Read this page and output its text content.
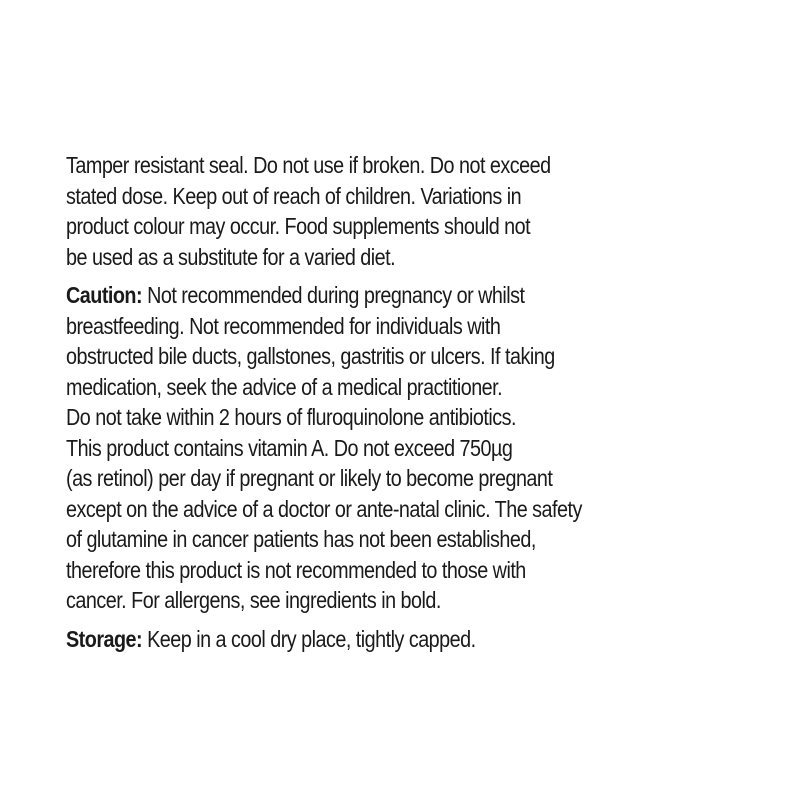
Tamper resistant seal. Do not use if broken. Do not exceed
stated dose. Keep out of reach of children. Variations in
product colour may occur. Food supplements should not
be used as a substitute for a varied diet.
Caution: Not recommended during pregnancy or whilst
breastfeeding. Not recommended for individuals with
obstructed bile ducts, gallstones, gastritis or ulcers. If taking
medication, seek the advice of a medical practitioner.
Do not take within 2 hours of fluroquinolone antibiotics.
This product contains vitamin A. Do not exceed 750µg
(as retinol) per day if pregnant or likely to become pregnant
except on the advice of a doctor or ante-natal clinic. The safety
of glutamine in cancer patients has not been established,
therefore this product is not recommended to those with
cancer. For allergens, see ingredients in bold.
Storage: Keep in a cool dry place, tightly capped.
